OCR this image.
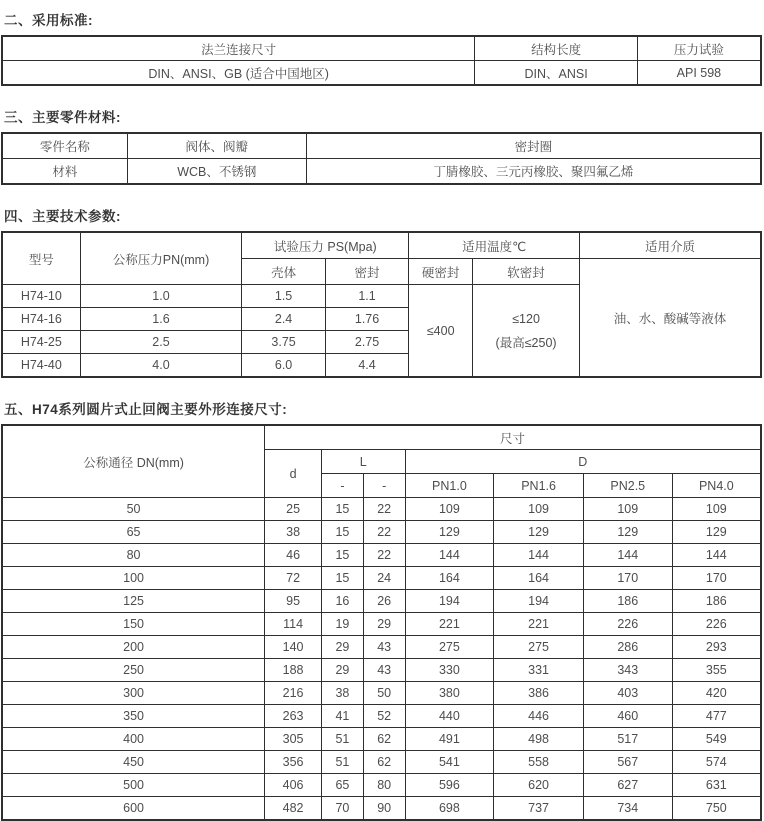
二、采用标准:
法兰连接尺寸	结构长度	压力试验
DIN、ANSI、GB (适合中国地区)	DIN、ANSI	API 598
三、主要零件材料:
零件名称	阀体、阀瓣	密封圈
材料	WCB、不锈钢	丁腈橡胶、三元丙橡胶、聚四氟乙烯
四、主要技术参数:
型号	公称压力PN(mm)	试验压力 PS(Mpa)		适用温度℃		适用介质
		壳体	密封	硬密封	软密封	油、水、酸碱等液体
H74-10	1.0	1.5	1.1	≤400	≤120
(最高≤250)	

H74-16	1.6	2.4	1.76			
H74-25	2.5	3.75	2.75			
H74-40	4.0	6.0	4.4			
五、H74系列圆片式止回阀主要外形连接尺寸:
公称通径 DN(mm)	尺寸						
	d	L		D			
		-	-	PN1.0	PN1.6	PN2.5	PN4.0
50	25	15	22	109	109	109	109
65	38	15	22	129	129	129	129
80	46	15	22	144	144	144	144
100	72	15	24	164	164	170	170
125	95	16	26	194	194	186	186
150	114	19	29	221	221	226	226
200	140	29	43	275	275	286	293
250	188	29	43	330	331	343	355
300	216	38	50	380	386	403	420
350	263	41	52	440	446	460	477
400	305	51	62	491	498	517	549
450	356	51	62	541	558	567	574
500	406	65	80	596	620	627	631
600	482	70	90	698	737	734	750
